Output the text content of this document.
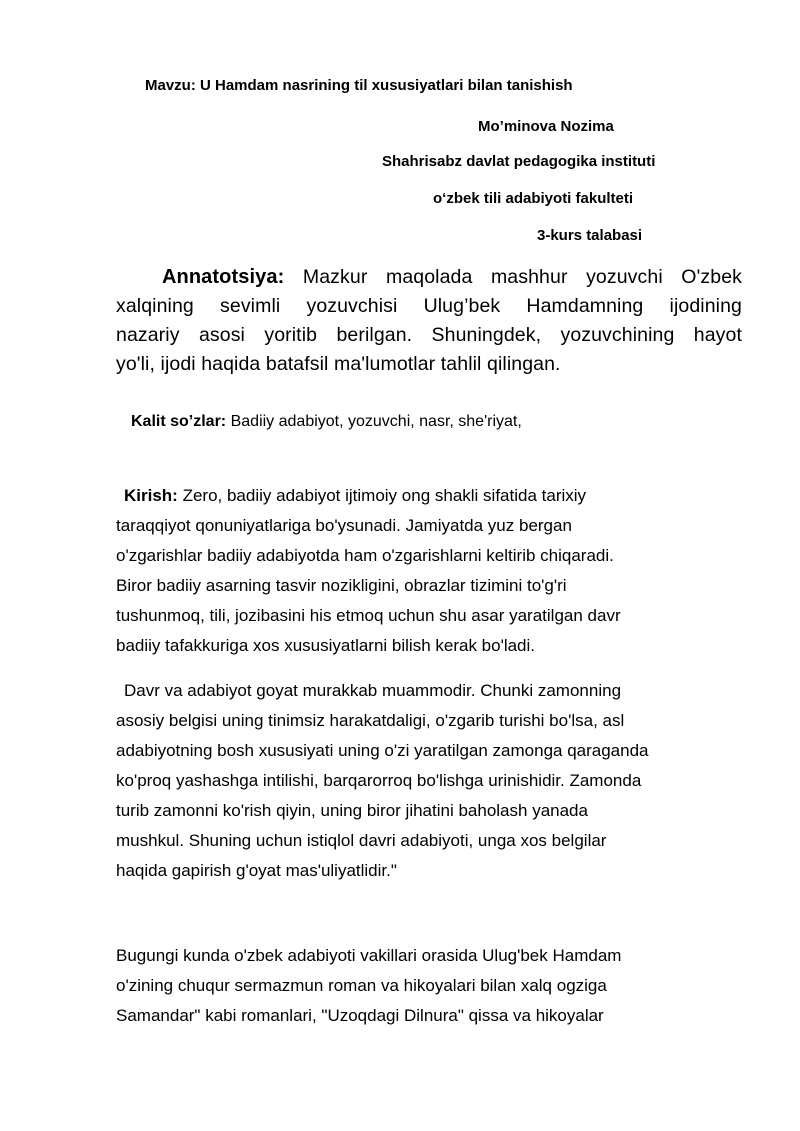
Mavzu: U Hamdam nasrining til xususiyatlari bilan tanishish
Mo’minova Nozima
Shahrisabz davlat pedagogika instituti
o‘zbek tili adabiyoti fakulteti
3-kurs talabasi
Annatotsiya: Mazkur maqolada mashhur yozuvchi O'zbek
xalqining sevimli yozuvchisi Ulug’bek Hamdamning ijodining
nazariy asosi yoritib berilgan. Shuningdek, yozuvchining hayot
yo'li, ijodi haqida batafsil ma'lumotlar tahlil qilingan.
Kalit so’zlar: Badiiy adabiyot, yozuvchi, nasr, she'riyat,
Kirish: Zero, badiiy adabiyot ijtimoiy ong shakli sifatida tarixiy
taraqqiyot qonuniyatlariga bo'ysunadi. Jamiyatda yuz bergan
o'zgarishlar badiiy adabiyotda ham o'zgarishlarni keltirib chiqaradi.
Biror badiiy asarning tasvir nozikligini, obrazlar tizimini to'g'ri
tushunmoq, tili, jozibasini his etmoq uchun shu asar yaratilgan davr
badiiy tafakkuriga xos xususiyatlarni bilish kerak bo'ladi.
Davr va adabiyot goyat murakkab muammodir. Chunki zamonning
asosiy belgisi uning tinimsiz harakatdaligi, o'zgarib turishi bo'lsa, asl
adabiyotning bosh xususiyati uning o'zi yaratilgan zamonga qaraganda
ko'proq yashashga intilishi, barqarorroq bo'lishga urinishidir. Zamonda
turib zamonni ko'rish qiyin, uning biror jihatini baholash yanada
mushkul. Shuning uchun istiqlol davri adabiyoti, unga xos belgilar
haqida gapirish g'oyat mas'uliyatlidir."
Bugungi kunda o'zbek adabiyoti vakillari orasida Ulug'bek Hamdam
o'zining chuqur sermazmun roman va hikoyalari bilan xalq ogziga
Samandar" kabi romanlari, "Uzoqdagi Dilnura" qissa va hikoyalar
